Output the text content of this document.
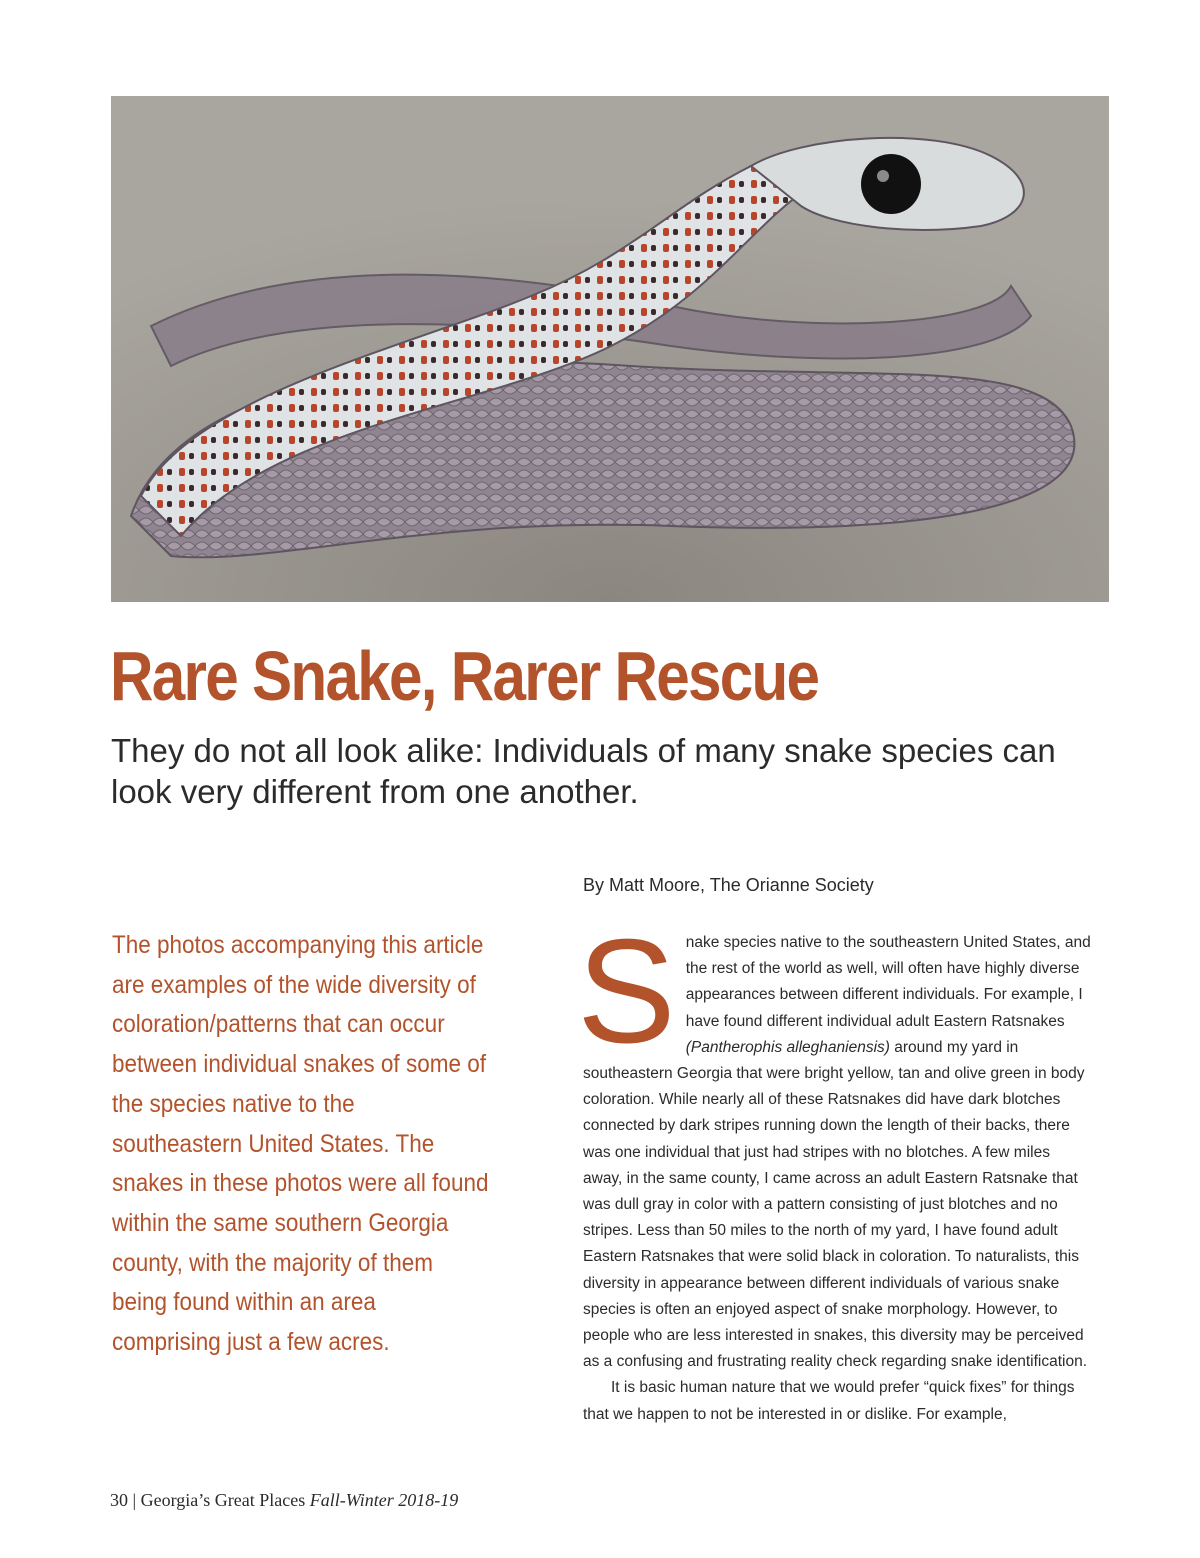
Rare Snake, Rarer Rescue
They do not all look alike: Individuals of many snake species can look very different from one another.

By Matt Moore, The Orianne Society

The photos accompanying this article are examples of the wide diversity of coloration/patterns that can occur between individual snakes of some of the species native to the southeastern United States. The snakes in these photos were all found within the same southern Georgia county, with the majority of them being found within an area comprising just a few acres.

Snake species native to the southeastern United States, and the rest of the world as well, will often have highly diverse appearances between different individuals. For example, I have found different individual adult Eastern Ratsnakes (Pantherophis alleghaniensis) around my yard in southeastern Georgia that were bright yellow, tan and olive green in body coloration. While nearly all of these Ratsnakes did have dark blotches connected by dark stripes running down the length of their backs, there was one individual that just had stripes with no blotches. A few miles away, in the same county, I came across an adult Eastern Ratsnake that was dull gray in color with a pattern consisting of just blotches and no stripes. Less than 50 miles to the north of my yard, I have found adult Eastern Ratsnakes that were solid black in coloration. To naturalists, this diversity in appearance between different individuals of various snake species is often an enjoyed aspect of snake morphology. However, to people who are less interested in snakes, this diversity may be perceived as a confusing and frustrating reality check regarding snake identification.

It is basic human nature that we would prefer “quick fixes” for things that we happen to not be interested in or dislike. For example,

30 | Georgia’s Great Places Fall-Winter 2018-19
